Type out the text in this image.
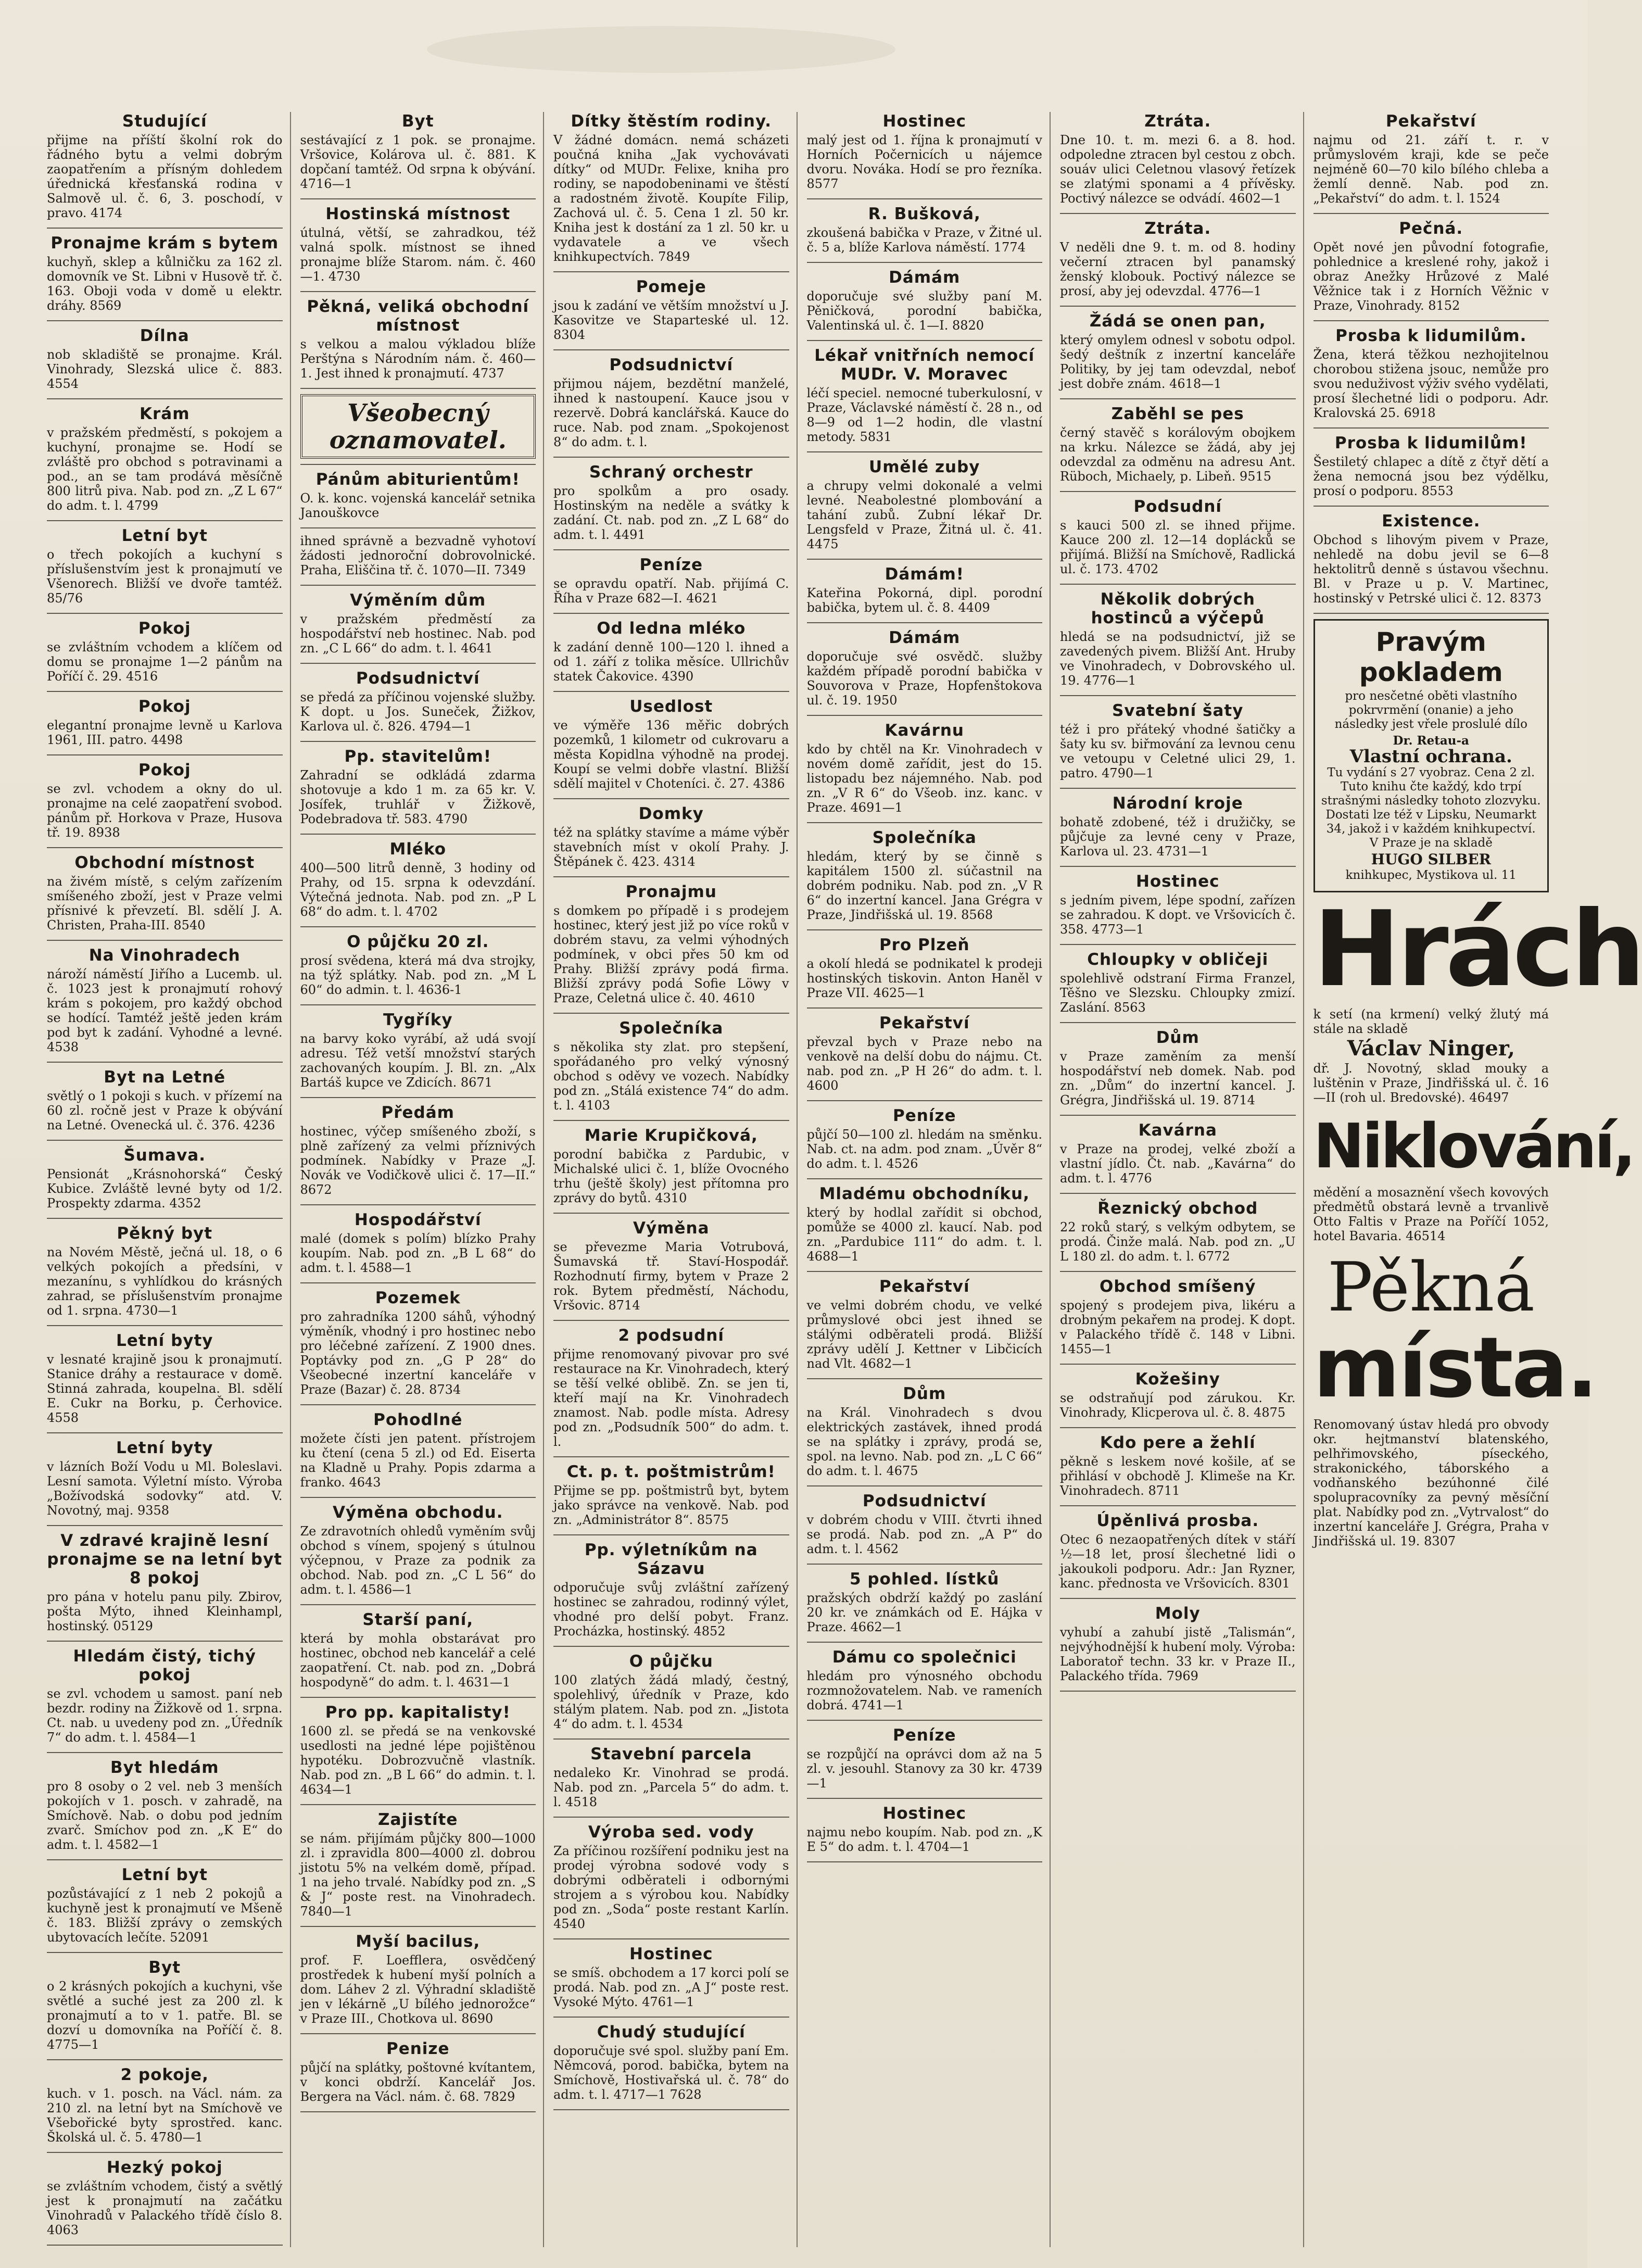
Studující

přijme na příští školní rok do řádného bytu a velmi dobrým zaopatřením a přísným dohledem úřednická křesťanská rodina v Salmově ul. č. 6, 3. poschodí, v pravo. 4174

Pronajme krám s bytem

kuchyň, sklep a kůlničku za 162 zl. domovník ve St. Libni v Husově tř. č. 163. Oboji voda v domě u elektr. dráhy. 8569

Dílna

nob skladiště se pronajme. Král. Vinohrady, Slezská ulice č. 883. 4554

Krám

v pražském předměstí, s pokojem a kuchyní, pronajme se. Hodí se zvláště pro obchod s potravinami a pod., an se tam prodává měsíčně 800 litrů piva. Nab. pod zn. „Z L 67“ do adm. t. l. 4799

Letní byt

o třech pokojích a kuchyní s příslušenstvím jest k pronajmutí ve Všenorech. Bližší ve dvoře tamtéž. 85/76

Pokoj

se zvláštním vchodem a klíčem od domu se pronajme 1—2 pánům na Poříčí č. 29. 4516

Pokoj

elegantní pronajme levně u Karlova 1961, III. patro. 4498

Pokoj

se zvl. vchodem a okny do ul. pronajme na celé zaopatření svobod. pánům př. Horkova v Praze, Husova tř. 19. 8938

Obchodní místnost

na živém místě, s celým zařízením smíšeného zboží, jest v Praze velmi přísnivé k převzetí. Bl. sdělí J. A. Christen, Praha-III. 8540

Na Vinohradech

nároží náměstí Jiřího a Lucemb. ul. č. 1023 jest k pronajmutí rohový krám s pokojem, pro každý obchod se hodící. Tamtéž ještě jeden krám pod byt k zadání. Vyhodné a levné. 4538

Byt na Letné

světlý o 1 pokoji s kuch. v přízemí na 60 zl. ročně jest v Praze k obývání na Letné. Ovenecká ul. č. 376. 4236

Šumava.

Pensionát „Krásnohorská“ Český Kubice. Zvláště levné byty od 1/2. Prospekty zdarma. 4352

Pěkný byt

na Novém Městě, ječná ul. 18, o 6 velkých pokojích a předsíni, v mezanínu, s vyhlídkou do krásných zahrad, se příslušenstvím pronajme od 1. srpna. 4730—1

Letní byty

v lesnaté krajině jsou k pronajmutí. Stanice dráhy a restaurace v domě. Stinná zahrada, koupelna. Bl. sdělí E. Cukr na Borku, p. Čerhovice. 4558

Letní byty

v lázních Boží Vodu u Ml. Boleslavi. Lesní samota. Výletní místo. Výroba „Božívodská sodovky“ atd. V. Novotný, maj. 9358

V zdravé krajině lesní pronajme se na letní byt 8 pokoj

pro pána v hotelu panu pily. Zbirov, pošta Mýto, ihned Kleinhampl, hostinský. 05129

Hledám čistý, tichý pokoj

se zvl. vchodem u samost. paní neb bezdr. rodiny na Žižkově od 1. srpna. Ct. nab. u uvedeny pod zn. „Úředník 7“ do adm. t. l. 4584—1

Byt hledám

pro 8 osoby o 2 vel. neb 3 menších pokojích v 1. posch. v zahradě, na Smíchově. Nab. o dobu pod jedním zvarč. Smíchov pod zn. „K E“ do adm. t. l. 4582—1

Letní byt

pozůstávající z 1 neb 2 pokojů a kuchyně jest k pronajmutí ve Mšeně č. 183. Bližší zprávy o zemských ubytovacích lečíte. 52091

Byt

o 2 krásných pokojích a kuchyni, vše světlé a suché jest za 200 zl. k pronajmutí a to v 1. patře. Bl. se dozví u domovníka na Poříčí č. 8. 4775—1

2 pokoje,

kuch. v 1. posch. na Václ. nám. za 210 zl. na letní byt na Smíchově ve Všebořické byty sprostřed. kanc. Školská ul. č. 5. 4780—1

Hezký pokoj

se zvláštním vchodem, čistý a světlý jest k pronajmutí na začátku Vinohradů v Palackého třídě číslo 8. 4063

Byt

sestávající z 1 pok. se pronajme. Vršovice, Kolárova ul. č. 881. K dopčaní tamtéž. Od srpna k obývání. 4716—1

Hostinská místnost

útulná, větší, se zahradkou, též valná spolk. místnost se ihned pronajme blíže Starom. nám. č. 460—1. 4730

Pěkná, veliká obchodní místnost

s velkou a malou výkladou blíže Perštýna s Národním nám. č. 460—1. Jest ihned k pronajmutí. 4737

Všeobecný oznamovatel.
Pánům abiturientům!

O. k. konc. vojenská kancelář setnika Janouškovce

ihned správně a bezvadně vyhotoví žádosti jednoroční dobrovolnické. Praha, Eliščina tř. č. 1070—II. 7349

Výměním dům

v pražském předměstí za hospodářství neb hostinec. Nab. pod zn. „C L 66“ do adm. t. l. 4641

Podsudnictví

se předá za příčinou vojenské služby. K dopt. u Jos. Suneček, Žižkov, Karlova ul. č. 826. 4794—1

Pp. stavitelům!

Zahradní se odkládá zdarma shotovuje a kdo 1 m. za 65 kr. V. Josífek, truhlář v Žižkově, Podebradova tř. 583. 4790

Mléko

400—500 litrů denně, 3 hodiny od Prahy, od 15. srpna k odevzdání. Výtečná jednota. Nab. pod zn. „P L 68“ do adm. t. l. 4702

O půjčku 20 zl.

prosí svědena, která má dva strojky, na týž splátky. Nab. pod zn. „M L 60“ do admin. t. l. 4636-1

Tygříky

na barvy koko vyrábí, až udá svojí adresu. Též vetší množství starých zachovaných koupím. J. Bl. zn. „Alx Bartáš kupce ve Zdicích. 8671

Předám

hostinec, výčep smíšeného zboží, s plně zařízený za velmi příznivých podmínek. Nabídky v Praze „J. Novák ve Vodičkově ulici č. 17—II.“ 8672

Hospodářství

malé (domek s polím) blízko Prahy koupím. Nab. pod zn. „B L 68“ do adm. t. l. 4588—1

Pozemek

pro zahradníka 1200 sáhů, výhodný výměník, vhodný i pro hostinec nebo pro léčebné zařízení. Z 1900 dnes. Poptávky pod zn. „G P 28“ do Všeobecné inzertní kanceláře v Praze (Bazar) č. 28. 8734

Pohodlné

možete čísti jen patent. přístrojem ku čtení (cena 5 zl.) od Ed. Eiserta na Kladně u Prahy. Popis zdarma a franko. 4643

Výměna obchodu.

Ze zdravotních ohledů vyměním svůj obchod s vínem, spojený s útulnou výčepnou, v Praze za podnik za obchod. Nab. pod zn. „C L 56“ do adm. t. l. 4586—1

Starší paní,

která by mohla obstarávat pro hostinec, obchod neb kancelář a celé zaopatření. Ct. nab. pod zn. „Dobrá hospodyně“ do adm. t. l. 4631—1

Pro pp. kapitalisty!

1600 zl. se předá se na venkovské usedlosti na jedné lépe pojištěnou hypotéku. Dobrozvučně vlastník. Nab. pod zn. „B L 66“ do admin. t. l. 4634—1

Zajistíte

se nám. přijímám půjčky 800—1000 zl. i zpravidla 800—4000 zl. dobrou jistotu 5% na velkém domě, případ. 1 na jeho trvalé. Nabídky pod zn. „S & J“ poste rest. na Vinohradech. 7840—1

Myší bacilus,

prof. F. Loefflera, osvědčený prostředek k hubení myší polních a dom. Láhev 2 zl. Výhradní skladiště jen v lékárně „U bílého jednorožce“ v Praze III., Chotkova ul. 8690

Penize

půjčí na splátky, poštovné kvítantem, v konci obdrží. Kancelář Jos. Bergera na Václ. nám. č. 68. 7829

Dítky štěstím rodiny.

V žádné domácn. nemá scházeti poučná kniha „Jak vychovávati dítky“ od MUDr. Felixe, kniha pro rodiny, se napodobeninami ve štěstí a radostném životě. Koupíte Filip, Zachová ul. č. 5. Cena 1 zl. 50 kr. Kniha jest k dostání za 1 zl. 50 kr. u vydavatele a ve všech knihkupectvích. 7849

Pomeje

jsou k zadání ve větším množství u J. Kasovitze ve Staparteské ul. 12. 8304

Podsudnictví

přijmou nájem, bezdětní manželé, ihned k nastoupení. Kauce jsou v rezervě. Dobrá kanclářská. Kauce do ruce. Nab. pod znam. „Spokojenost 8“ do adm. t. l.

Schraný orchestr

pro spolkům a pro osady. Hostinským na neděle a svátky k zadání. Ct. nab. pod zn. „Z L 68“ do adm. t. l. 4491

Peníze

se opravdu opatří. Nab. přijímá C. Říha v Praze 682—I. 4621

Od ledna mléko

k zadání denně 100—120 l. ihned a od 1. září z tolika měsíce. Ullrichův statek Čakovice. 4390

Usedlost

ve výměře 136 měřic dobrých pozemků, 1 kilometr od cukrovaru a města Kopidlna výhodně na prodej. Koupí se velmi dobře vlastní. Bližší sdělí majitel v Choteníci. č. 27. 4386

Domky

též na splátky stavíme a máme výběr stavebních míst v okolí Prahy. J. Štěpánek č. 423. 4314

Pronajmu

s domkem po případě i s prodejem hostinec, který jest již po více roků v dobrém stavu, za velmi výhodných podmínek, v obci přes 50 km od Prahy. Bližší zprávy podá firma. Bližší zprávy podá Sofie Löwy v Praze, Celetná ulice č. 40. 4610

Společníka

s několika sty zlat. pro stepšení, spořádaného pro velký výnosný obchod s oděvy ve vozech. Nabídky pod zn. „Stálá existence 74“ do adm. t. l. 4103

Marie Krupičková,

porodní babička z Pardubic, v Michalské ulici č. 1, blíže Ovocného trhu (ještě školy) jest přítomna pro zprávy do bytů. 4310

Výměna

se převezme Maria Votrubová, Šumavská tř. Staví-Hospodář. Rozhodnutí firmy, bytem v Praze 2 rok. Bytem předměstí, Náchodu, Vršovic. 8714

2 podsudní

přijme renomovaný pivovar pro své restaurace na Kr. Vinohradech, který se těší velké oblibě. Zn. se jen ti, kteří mají na Kr. Vinohradech znamost. Nab. podle místa. Adresy pod zn. „Podsudník 500“ do adm. t. l.

Ct. p. t. poštmistrům!

Přijme se pp. poštmistrů byt, bytem jako správce na venkově. Nab. pod zn. „Administrátor 8“. 8575

Pp. výletníkům na Sázavu

odporučuje svůj zvláštní zařízený hostinec se zahradou, rodinný výlet, vhodné pro delší pobyt. Franz. Procházka, hostinský. 4852

O půjčku

100 zlatých žádá mladý, čestný, spolehlivý, úředník v Praze, kdo stálým platem. Nab. pod zn. „Jistota 4“ do adm. t. l. 4534

Stavební parcela

nedaleko Kr. Vinohrad se prodá. Nab. pod zn. „Parcela 5“ do adm. t. l. 4518

Výroba sed. vody

Za příčinou rozšíření podniku jest na prodej výrobna sodové vody s dobrými odběrateli i odbornými strojem a s výrobou kou. Nabídky pod zn. „Soda“ poste restant Karlín. 4540

Hostinec

se smíš. obchodem a 17 korci polí se prodá. Nab. pod zn. „A J“ poste rest. Vysoké Mýto. 4761—1

Chudý studující

doporučuje své spol. služby paní Em. Němcová, porod. babička, bytem na Smíchově, Hostivařská ul. č. 78“ do adm. t. l. 4717—1 7628

Hostinec

malý jest od 1. října k pronajmutí v Horních Počernicích u nájemce dvoru. Nováka. Hodí se pro řezníka. 8577

R. Bušková,

zkoušená babička v Praze, v Žitné ul. č. 5 a, blíže Karlova náměstí. 1774

Dámám

doporučuje své služby paní M. Pěničková, porodní babička, Valentinská ul. č. 1—I. 8820

Lékař vnitřních nemocí MUDr. V. Moravec

léčí speciel. nemocné tuberkulosní, v Praze, Václavské náměstí č. 28 n., od 8—9 od 1—2 hodin, dle vlastní metody. 5831

Umělé zuby

a chrupy velmi dokonalé a velmi levné. Neabolestné plombování a tahání zubů. Zubní lékař Dr. Lengsfeld v Praze, Žitná ul. č. 41. 4475

Dámám!

Kateřina Pokorná, dipl. porodní babička, bytem ul. č. 8. 4409

Dámám

doporučuje své osvědč. služby každém případě porodní babička v Souvorova v Praze, Hopfenštokova ul. č. 19. 1950

Kavárnu

kdo by chtěl na Kr. Vinohradech v novém domě zařídit, jest do 15. listopadu bez nájemného. Nab. pod zn. „V R 6“ do Všeob. inz. kanc. v Praze. 4691—1

Společníka

hledám, který by se činně s kapitálem 1500 zl. súčastnil na dobrém podniku. Nab. pod zn. „V R 6“ do inzertní kancel. Jana Grégra v Praze, Jindřišská ul. 19. 8568

Pro Plzeň

a okolí hledá se podnikatel k prodeji hostinských tiskovin. Anton Haněl v Praze VII. 4625—1

Pekařství

převzal bych v Praze nebo na venkově na delší dobu do nájmu. Ct. nab. pod zn. „P H 26“ do adm. t. l. 4600

Peníze

půjčí 50—100 zl. hledám na směnku. Nab. ct. na adm. pod znam. „Úvěr 8“ do adm. t. l. 4526

Mladému obchodníku,

který by hodlal zařídit si obchod, pomůže se 4000 zl. kaucí. Nab. pod zn. „Pardubice 111“ do adm. t. l. 4688—1

Pekařství

ve velmi dobrém chodu, ve velké průmyslové obci jest ihned se stálými odběrateli prodá. Bližší zprávy udělí J. Kettner v Libčicích nad Vlt. 4682—1

Dům

na Král. Vinohradech s dvou elektrických zastávek, ihned prodá se na splátky i zprávy, prodá se, spol. na levno. Nab. pod zn. „L C 66“ do adm. t. l. 4675

Podsudnictví

v dobrém chodu v VIII. čtvrti ihned se prodá. Nab. pod zn. „A P“ do adm. t. l. 4562

5 pohled. lístků

pražských obdrží každý po zaslání 20 kr. ve známkách od E. Hájka v Praze. 4662—1

Dámu co společnici

hledám pro výnosného obchodu rozmnožovatelem. Nab. ve rameních dobrá. 4741—1

Peníze

se rozpůjčí na oprávci dom až na 5 zl. v. jesouhl. Stanovy za 30 kr. 4739—1

Hostinec

najmu nebo koupím. Nab. pod zn. „K E 5“ do adm. t. l. 4704—1

Ztráta.

Dne 10. t. m. mezi 6. a 8. hod. odpoledne ztracen byl cestou z obch. souáv ulici Celetnou vlasový řetízek se zlatými sponami a 4 přívěsky. Poctivý nálezce se odvádí. 4602—1

Ztráta.

V neděli dne 9. t. m. od 8. hodiny večerní ztracen byl panamský ženský klobouk. Poctivý nálezce se prosí, aby jej odevzdal. 4776—1

Žádá se onen pan,

který omylem odnesl v sobotu odpol. šedý deštník z inzertní kanceláře Politiky, by jej tam odevzdal, neboť jest dobře znám. 4618—1

Zaběhl se pes

černý stavěč s korálovým obojkem na krku. Nálezce se žádá, aby jej odevzdal za odměnu na adresu Ant. Rüboch, Michaely, p. Libeň. 9515

Podsudní

s kauci 500 zl. se ihned přijme. Kauce 200 zl. 12—14 doplácků se přijímá. Bližší na Smíchově, Radlická ul. č. 173. 4702

Několik dobrých hostinců a výčepů

hledá se na podsudnictví, již se zavedených pivem. Bližší Ant. Hruby ve Vinohradech, v Dobrovského ul. 19. 4776—1

Svatební šaty

též i pro přáteký vhodné šatičky a šaty ku sv. biřmování za levnou cenu ve vetoupu v Celetné ulici 29, 1. patro. 4790—1

Národní kroje

bohatě zdobené, též i družičky, se půjčuje za levné ceny v Praze, Karlova ul. 23. 4731—1

Hostinec

s jedním pivem, lépe spodní, zařízen se zahradou. K dopt. ve Vršovicích č. 358. 4773—1

Chloupky v obličeji

spolehlivě odstraní Firma Franzel, Těšno ve Slezsku. Chloupky zmizí. Zaslání. 8563

Dům

v Praze zaměním za menší hospodářství neb domek. Nab. pod zn. „Dům“ do inzertní kancel. J. Grégra, Jindřišská ul. 19. 8714

Kavárna

v Praze na prodej, velké zboží a vlastní jídlo. Čt. nab. „Kavárna“ do adm. t. l. 4776

Řeznický obchod

22 roků starý, s velkým odbytem, se prodá. Činže malá. Nab. pod zn. „U L 180 zl. do adm. t. l. 6772

Obchod smíšený

spojený s prodejem piva, likéru a drobným pekařem na prodej. K dopt. v Palackého třídě č. 148 v Libni. 1455—1

Kožešiny

se odstraňují pod zárukou. Kr. Vinohrady, Klicperova ul. č. 8. 4875

Kdo pere a žehlí

pěkně s leskem nové košile, ať se přihlásí v obchodě J. Klimeše na Kr. Vinohradech. 8711

Úpěnlivá prosba.

Otec 6 nezaopatřených dítek v stáří ½—18 let, prosí šlechetné lidi o jakoukoli podporu. Adr.: Jan Ryzner, kanc. přednosta ve Vršovicích. 8301

Moly

vyhubí a zahubí jistě „Talismán“, nejvýhodnější k hubení moly. Výroba: Laboratoř techn. 33 kr. v Praze II., Palackého třída. 7969

Pekařství

najmu od 21. září t. r. v průmyslovém kraji, kde se peče nejméně 60—70 kilo bílého chleba a žemlí denně. Nab. pod zn. „Pekařství“ do adm. t. l. 1524

Pečná.

Opět nové jen původní fotografie, pohlednice a kreslené rohy, jakož i obraz Anežky Hrůzové z Malé Věžnice tak i z Horních Věžnic v Praze, Vinohrady. 8152

Prosba k lidumilům.

Žena, která těžkou nezhojitelnou chorobou stižena jsouc, nemůže pro svou neduživost výživ svého vydělati, prosí šlechetné lidi o podporu. Adr. Kralovská 25. 6918

Prosba k lidumilům!

Šestiletý chlapec a dítě z čtyř dětí a žena nemocná jsou bez výdělku, prosí o podporu. 8553

Existence.

Obchod s lihovým pivem v Praze, nehledě na dobu jevil se 6—8 hektolitrů denně s ústavou všechnu. Bl. v Praze u p. V. Martinec, hostinský v Petrské ulici č. 12. 8373

Pravým pokladem

pro nesčetné oběti vlastního pokrvrmění (onanie) a jeho následky jest vřele proslulé dílo

Dr. Retau-a

Vlastní ochrana.

Tu vydání s 27 vyobraz. Cena 2 zl. Tuto knihu čte každý, kdo trpí strašnými následky tohoto zlozvyku. Dostati lze též v Lipsku, Neumarkt 34, jakož i v každém knihkupectví. V Praze je na skladě

HUGO SILBER

knihkupec, Mystikova ul. 11

Hrách

k setí (na krmení) velký žlutý má stále na skladě

Václav Ninger,

dř. J. Novotný, sklad mouky a luštěnin v Praze, Jindřišská ul. č. 16—II (roh ul. Bredovské). 46497

Niklování,

mědění a mosaznění všech kovových předmětů obstará levně a trvanlivě Otto Faltis v Praze na Poříčí 1052, hotel Bavaria. 46514

Pěkná
místa.

Renomovaný ústav hledá pro obvody okr. hejtmanství blatenského, pelhřimovského, píseckého, strakonického, táborského a vodňanského bezúhonné čilé spolupracovníky za pevný měsíční plat. Nabídky pod zn. „Vytrvalost“ do inzertní kanceláře J. Grégra, Praha v Jindřišská ul. 19. 8307
